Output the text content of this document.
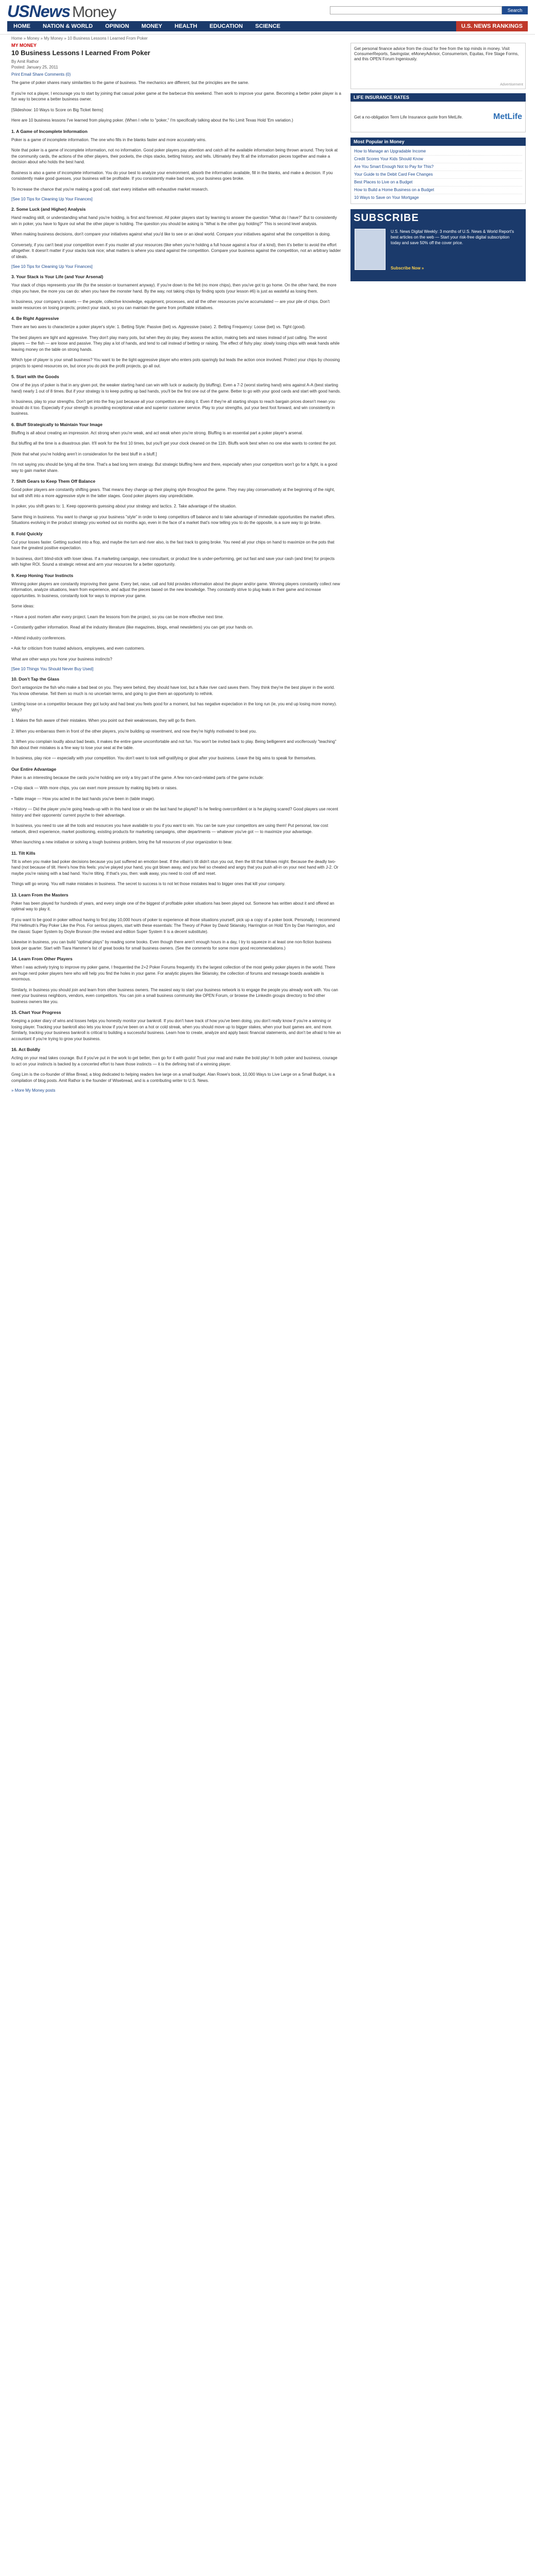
USNews Money	Search
HOME	NATION & WORLD	OPINION	MONEY	HEALTH	EDUCATION	SCIENCE	U.S. NEWS RANKINGS
Home » Money » My Money » 10 Business Lessons I Learned From Poker
MY MONEY
10 Business Lessons I Learned From Poker
By Amit Rathor
Posted: January 25, 2011
Print Email Share Comments (0)

The game of poker shares many similarities to the game of business. The mechanics are different, but the principles are the same.

If you're not a player, I encourage you to start by joining that casual poker game at the barbecue this weekend. Then work to improve your game. Becoming a better poker player is a fun way to become a better business owner.

[Slideshow: 10 Ways to Score on Big Ticket Items]

Here are 10 business lessons I've learned from playing poker. (When I refer to "poker," I'm specifically talking about the No Limit Texas Hold 'Em variation.)

1. A Game of Incomplete Information

Poker is a game of incomplete information. The one who fills in the blanks faster and more accurately wins.

Note that poker is a game of incomplete information, not no information. Good poker players pay attention and catch all the available information being thrown around. They look at the community cards, the actions of the other players, their pockets, the chips stacks, betting history, and tells. Ultimately they fit all the information pieces together and make a decision about who holds the best hand.

Business is also a game of incomplete information. You do your best to analyze your environment, absorb the information available, fill in the blanks, and make a decision. If you consistently make good guesses, your business will be profitable. If you consistently make bad ones, your business goes broke.

To increase the chance that you're making a good call, start every initiative with exhaustive market research.

[See 10 Tips for Cleaning Up Your Finances]
2. Some Luck (and Higher) Analysis

Hand reading skill, or understanding what hand you're holding, is first and foremost. All poker players start by learning to answer the question "What do I have?" But to consistently win in poker, you have to figure out what the other player is holding. The question you should be asking is "What is the other guy holding?" This is second level analysis.

When making business decisions, don't compare your initiatives against what you'd like to see or an ideal world. Compare your initiatives against what the competition is doing.

Conversely, if you can't beat your competition even if you muster all your resources (like when you're holding a full house against a four of a kind), then it's better to avoid the effort altogether. It doesn't matter if your stacks look nice; what matters is where you stand against the competition. Compare your business against the competition, not an arbitrary ladder of ideals.

[See 10 Tips for Cleaning Up Your Finances]
3. Your Stack is Your Life (and Your Arsenal)

Your stack of chips represents your life (for the session or tournament anyway). If you're down to the felt (no more chips), then you've got to go home. On the other hand, the more chips you have, the more you can do: when you have the monster hand. By the way, not taking chips by finding spots (your lesson #6) is just as wasteful as losing them.

In business, your company's assets — the people, collective knowledge, equipment, processes, and all the other resources you've accumulated — are your pile of chips. Don't waste resources on losing projects; protect your stack, so you can maintain the game from profitable initiatives.

4. Be Right Aggressive

There are two axes to characterize a poker player's style: 1. Betting Style: Passive (bet) vs. Aggressive (raise). 2. Betting Frequency: Loose (bet) vs. Tight (good).

The best players are tight and aggressive. They don't play many pots, but when they do play, they assess the action, making bets and raises instead of just calling. The worst players — the fish — are loose and passive. They play a lot of hands, and tend to call instead of betting or raising. The effect of fishy play: slowly losing chips with weak hands while leaving money on the table on strong hands.

Which type of player is your small business? You want to be the tight-aggressive player who enters pots sparingly but leads the action once involved. Protect your chips by choosing projects to spend resources on, but once you do pick the profit projects, go all out.

5. Start with the Goods

One of the joys of poker is that in any given pot, the weaker starting hand can win with luck or audacity (by bluffing). Even a 7-2 (worst starting hand) wins against A-A (best starting hand) nearly 1 out of 8 times. But if your strategy is to keep putting up bad hands, you'll be the first one out of the game. Better to go with your good cards and start with good hands.

In business, play to your strengths. Don't get into the fray just because all your competitors are doing it. Even if they're all starting shops to reach bargain prices doesn't mean you should do it too. Especially if your strength is providing exceptional value and superior customer service. Play to your strengths, put your best foot forward, and win consistently in business.

6. Bluff Strategically to Maintain Your Image

Bluffing is all about creating an impression. Act strong when you're weak, and act weak when you're strong. Bluffing is an essential part a poker player's arsenal.

But bluffing all the time is a disastrous plan. It'll work for the first 10 times, but you'll get your clock cleaned on the 11th. Bluffs work best when no one else wants to contest the pot.

[Note that what you're holding aren't in consideration for the best bluff in a bluff.]

I'm not saying you should be lying all the time. That's a bad long term strategy. But strategic bluffing here and there, especially when your competitors won't go for a fight, is a good way to gain market share.

7. Shift Gears to Keep Them Off Balance

Good poker players are constantly shifting gears. That means they change up their playing style throughout the game. They may play conservatively at the beginning of the night, but will shift into a more aggressive style in the latter stages. Good poker players stay unpredictable.

In poker, you shift gears to: 1. Keep opponents guessing about your strategy and tactics. 2. Take advantage of the situation.

Same thing in business. You want to change up your business "style" in order to keep competitors off balance and to take advantage of immediate opportunities the market offers. Situations evolving in the product strategy you worked out six months ago, even in the face of a market that's now telling you to do the opposite, is a sure way to go broke.

8. Fold Quickly

Cut your losses faster. Getting sucked into a flop, and maybe the turn and river also, is the fast track to going broke. You need all your chips on hand to maximize on the pots that have the greatest positive expectation.

In business, don't blind-stick with loser ideas. If a marketing campaign, new consultant, or product line is under-performing, get out fast and save your cash (and time) for projects with higher ROI. Sound a strategic retreat and arm your resources for a better opportunity.

9. Keep Honing Your Instincts

Winning poker players are constantly improving their game. Every bet, raise, call and fold provides information about the player and/or game. Winning players constantly collect new information, analyze situations, learn from experience, and adjust the pieces based on the new knowledge. They constantly strive to plug leaks in their game and increase opportunities. In business, constantly look for ways to improve your game.

Some ideas:

• Have a post mortem after every project. Learn the lessons from the project, so you can be more effective next time.

• Constantly gather information. Read all the industry literature (like magazines, blogs, email newsletters) you can get your hands on.

• Attend industry conferences.

• Ask for criticism from trusted advisors, employees, and even customers.

What are other ways you hone your business instincts?

[See 10 Things You Should Never Buy Used]
10. Don't Tap the Glass

Don't antagonize the fish who make a bad beat on you. They were behind, they should have lost, but a fluke river card saves them. They think they're the best player in the world. You know otherwise. Tell them so much is no uncertain terms, and going to give them an opportunity to rethink.

Limiting loose on a competitor because they got lucky and had beat you feels good for a moment, but has negative expectation in the long run (ie, you end up losing more money). Why?

1. Makes the fish aware of their mistakes. When you point out their weaknesses, they will go fix them.

2. When you embarrass them in front of the other players, you're building up resentment, and now they're highly motivated to beat you.

3. When you complain loudly about bad beats, it makes the entire game uncomfortable and not fun. You won't be invited back to play. Being belligerent and vociferously "teaching" fish about their mistakes is a fine way to lose your seat at the table.

In business, play nice — especially with your competition. You don't want to look self-gratifying or gloat after your business. Leave the big wins to speak for themselves.

Our Entire Advantage

Poker is an interesting because the cards you're holding are only a tiny part of the game. A few non-card-related parts of the game include:

• Chip stack — With more chips, you can exert more pressure by making big bets or raises.

• Table image — How you acted in the last hands you've been in (table image).

• History — Did the player you're going heads-up with in this hand lose or win the last hand he played? Is he feeling overconfident or is he playing scared? Good players use recent history and their opponents' current psyche to their advantage.

In business, you need to use all the tools and resources you have available to you if you want to win. You can be sure your competitors are using them! Put personal, low cost network, direct experience, market positioning, existing products for marketing campaigns, other departments — whatever you've got — to maximize your advantage.

When launching a new initiative or solving a tough business problem, bring the full resources of your organization to bear.

11. Tilt Kills

Tilt is when you make bad poker decisions because you just suffered an emotion beat. If the villain's tilt didn't stun you out, then the tilt that follows might. Because the deadly two-hand (not because of tilt. Here's how this feels: you've played your hand, you got blown away, and you feel so cheated and angry that you push all-in on your next hand with J-2. Or maybe you're raising with a bad hand. You're tilting. If that's you, then: walk away, you need to cool off and reset.

Things will go wrong. You will make mistakes in business. The secret to success is to not let those mistakes lead to bigger ones that kill your company.

13. Learn From the Masters

Poker has been played for hundreds of years, and every single one of the biggest of profitable poker situations has been played out. Someone has written about it and offered an optimal way to play it.

If you want to be good in poker without having to first play 10,000 hours of poker to experience all those situations yourself, pick up a copy of a poker book. Personally, I recommend Phil Hellmuth's Play Poker Like the Pros. For serious players, start with these essentials: The Theory of Poker by David Sklansky, Harrington on Hold 'Em by Dan Harrington, and the classic Super System by Doyle Brunson (the revised and edition Super System II is a decent substitute).

Likewise in business, you can build "optimal plays" by reading some books. Even though there aren't enough hours in a day, I try to squeeze in at least one non-fiction business book per quarter. Start with Tiara Hammer's list of great books for small business owners. (See the comments for some more good recommendations.)

14. Learn From Other Players

When I was actively trying to improve my poker game, I frequented the 2+2 Poker Forums frequently. It's the largest collection of the most geeky poker players in the world. There are huge nerd poker players here who will help you find the holes in your game. For analytic players like Sklansky, the collection of forums and message boards available is enormous.

Similarly, in business you should join and learn from other business owners. The easiest way to start your business network is to engage the people you already work with. You can meet your business neighbors, vendors, even competitors. You can join a small business community like OPEN Forum, or browse the LinkedIn groups directory to find other business owners like you.

15. Chart Your Progress

Keeping a poker diary of wins and losses helps you honestly monitor your bankroll. If you don't have track of how you've been doing, you don't really know if you're a winning or losing player. Tracking your bankroll also lets you know if you've been on a hot or cold streak, when you should move up to bigger stakes, when your bust games are, and more. Similarly, tracking your business bankroll is critical to building a successful business. Learn how to create, analyze and apply basic financial statements, and don't be afraid to hire an accountant if you're trying to grow your business.

16. Act Boldly

Acting on your read takes courage. But if you've put in the work to get better, then go for it with gusto! Trust your read and make the bold play! In both poker and business, courage to act on your instincts is backed by a concerted effort to have those instincts — it is the defining trait of a winning player.

Greg Lim is the co-founder of Wise Bread, a blog dedicated to helping readers live large on a small budget. Alan Rowe's book, 10,000 Ways to Live Large on a Small Budget, is a compilation of blog posts. Amit Rathor is the founder of Wisebread, and is a contributing writer to U.S. News.

» More My Money posts
Get personal finance advice from the cloud for free from the top minds in money. Visit ConsumerReports, Savingstar, eMoneyAdvisor, Consumerism, Equitas, Fire Stage Forms, and this OPEN Forum Ingeniously.
Advertisement
LIFE INSURANCE RATES
Get a no-obligation Term Life Insurance quote from MetLife.	MetLife
Most Popular in Money
How to Manage an Upgradable Income
Credit Scores Your Kids Should Know
Are You Smart Enough Not to Pay for This?
Your Guide to the Debit Card Fee Changes
Best Places to Live on a Budget
How to Build a Home Business on a Budget
10 Ways to Save on Your Mortgage
SUBSCRIBE
U.S. News Digital Weekly: 3 months of U.S. News & World Report's best articles on the web — Start your risk-free digital subscription today and save 50% off the cover price.
Subscribe Now »
